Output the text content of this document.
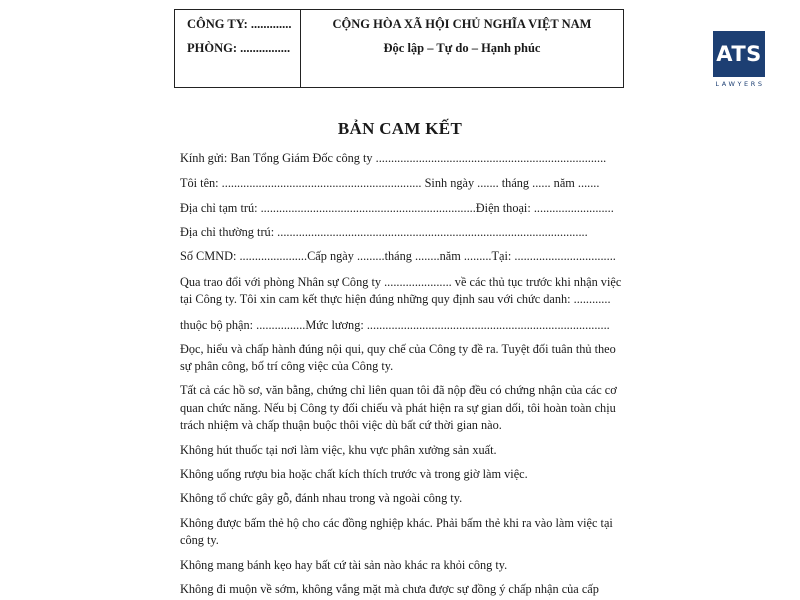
CÔNG TY: .............
PHÒNG: ................
CỘNG HÒA XÃ HỘI CHỦ NGHĨA VIỆT NAM
Độc lập – Tự do – Hạnh phúc	ATS
LAWYERS
BẢN CAM KẾT
Kính gửi: Ban Tổng Giám Đốc công ty ...........................................................................
Tôi tên: ................................................................. Sinh ngày ....... tháng ...... năm .......
Địa chỉ tạm trú: ......................................................................Điện thoại: ..........................
Địa chỉ thường trú: .....................................................................................................
Số CMND: ......................Cấp ngày .........tháng ........năm .........Tại: .................................
Qua trao đổi với phòng Nhân sự Công ty ...................... về các thủ tục trước khi nhận việc
tại Công ty. Tôi xin cam kết thực hiện đúng những quy định sau với chức danh: ............
thuộc bộ phận: ................Mức lương: ...............................................................................
Đọc, hiểu và chấp hành đúng nội qui, quy chế của Công ty đề ra. Tuyệt đối tuân thủ theo
sự phân công, bố trí công việc của Công ty.
Tất cả các hồ sơ, văn bằng, chứng chỉ liên quan tôi đã nộp đều có chứng nhận của các cơ
quan chức năng. Nếu bị Công ty đối chiếu và phát hiện ra sự gian dối, tôi hoàn toàn chịu
trách nhiệm và chấp thuận buộc thôi việc dù bất cứ thời gian nào.
Không hút thuốc tại nơi làm việc, khu vực phân xưởng sản xuất.
Không uống rượu bia hoặc chất kích thích trước và trong giờ làm việc.
Không tổ chức gây gỗ, đánh nhau trong và ngoài công ty.
Không được bấm thẻ hộ cho các đồng nghiệp khác. Phải bấm thẻ khi ra vào làm việc tại
công ty.
Không mang bánh kẹo hay bất cứ tài sản nào khác ra khỏi công ty.
Không đi muộn về sớm, không vắng mặt mà chưa được sự đồng ý chấp nhận của cấp
